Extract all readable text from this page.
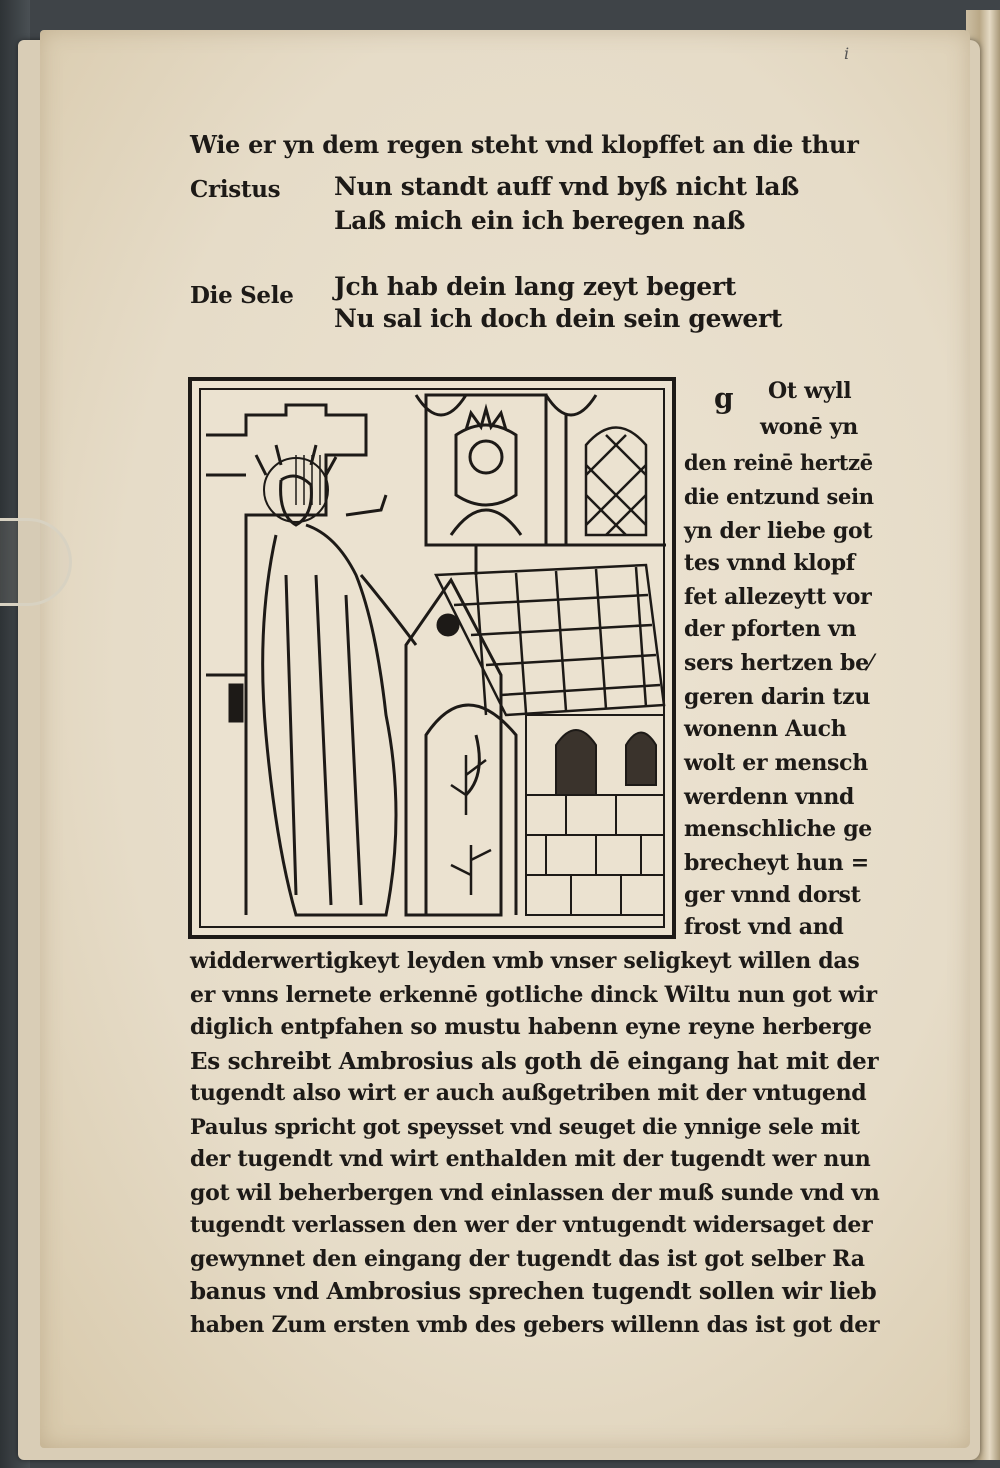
i
Wie er yn dem regen steht vnd klopffet an die thur
Cristus Nun standt auff vnd byß nicht laß
Laß mich ein ich beregen naß
Die Sele Jch hab dein lang zeyt begert
Nu sal ich doch dein sein gewert
g Ot wyll
wonē yn
den reinē hertzē
die entzund sein
yn der liebe got
tes vnnd klopf
fet allezeytt vor
der pforten vn
sers hertzen be⁄
geren darin tzu
wonenn Auch
wolt er mensch
werdenn vnnd
menschliche ge
brecheyt hun =
ger vnnd dorst
frost vnd and
widderwertigkeyt leyden vmb vnser seligkeyt willen das
er vnns lernete erkennē gotliche dinck Wiltu nun got wir
diglich entpfahen so mustu habenn eyne reyne herberge
Es schreibt Ambrosius als goth dē eingang hat mit der
tugendt also wirt er auch außgetriben mit der vntugend
Paulus spricht got speysset vnd seuget die ynnige sele mit
der tugendt vnd wirt enthalden mit der tugendt wer nun
got wil beherbergen vnd einlassen der muß sunde vnd vn
tugendt verlassen den wer der vntugendt widersaget der
gewynnet den eingang der tugendt das ist got selber Ra
banus vnd Ambrosius sprechen tugendt sollen wir lieb
haben Zum ersten vmb des gebers willenn das ist got der
